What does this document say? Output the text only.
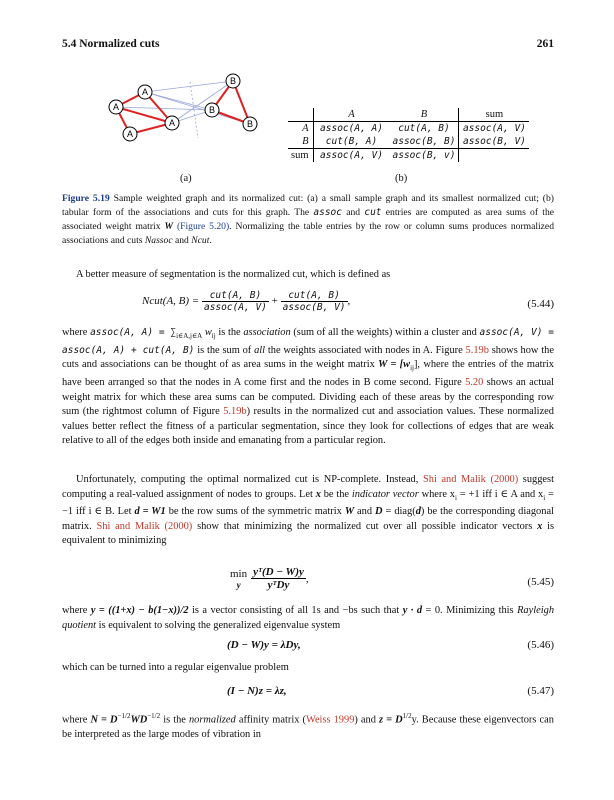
5.4 Normalized cuts	261
A
A
A
A
B
B
B
	A	B	sum
A	assoc(A, A)	cut(A, B)	assoc(A, V)
B	cut(B, A)	assoc(B, B)	assoc(B, V)
sum	assoc(A, V)	assoc(B, v)	
(a)	(b)
Figure 5.19 Sample weighted graph and its normalized cut: (a) a small sample graph and its smallest normalized cut; (b) tabular form of the associations and cuts for this graph. The assoc and cut entries are computed as area sums of the associated weight matrix W (Figure 5.20). Normalizing the table entries by the row or column sums produces normalized associations and cuts Nassoc and Ncut.
A better measure of segmentation is the normalized cut, which is defined as
Ncut(A, $B) = \frac{\text{cut(A, B)}}{\text{assoc(A, V)}} + \frac{\text{cut(A, B)}}{\text{assoc(B, V)}}$ ,	(5.44)
where assoc(A, $A) = \sum_{i\in A,j\in A}$ $w_{ij}$ is the association (sum of all the weights) within a cluster and assoc(A, V) = assoc(A, A) + cut(A, B) is the sum of all the weights associated with nodes in A. Figure 5.19b shows how the cuts and associations can be thought of as area sums in the weight matrix $W = [w_{ij}]$, where the entries of the matrix have been arranged so that the nodes in A come first and the nodes in B come second. Figure 5.20 shows an actual weight matrix for which these area sums can be computed. Dividing each of these areas by the corresponding row sum (the rightmost column of Figure 5.19b) results in the normalized cut and association values. These normalized values better reflect the fitness of a particular segmentation, since they look for collections of edges that are weak relative to all of the edges both inside and emanating from a particular region.
Unfortunately, computing the optimal normalized cut is NP-complete. Instead, Shi and Malik (2000) suggest computing a real-valued assignment of nodes to groups. Let x be the indicator vector where $x_i = +1$ iff i ∈ A and $x_i = -1$ iff i ∈ B. Let d = W1 be the row sums of the symmetric matrix W and D = diag(d) be the corresponding diagonal matrix. Shi and Malik (2000) show that minimizing the normalized cut over all possible indicator vectors x is equivalent to minimizing
min
y $\frac{\text{yᵀ(D − W)y}}{\text{yᵀDy}}$ ,	(5.45)
where y = ((1+x) − b(1−x))/2 is a vector consisting of all 1s and −bs such that y · d = 0. Minimizing this Rayleigh quotient is equivalent to solving the generalized eigenvalue system
(D − W)y = λDy,	(5.46)
which can be turned into a regular eigenvalue problem
(I − N)z = λz,	(5.47)
where $N = D^{-1/2}WD^{-1/2}$ is the normalized affinity matrix (Weiss 1999) and $z = D^{1/2}y$. Because these eigenvectors can be interpreted as the large modes of vibration in
